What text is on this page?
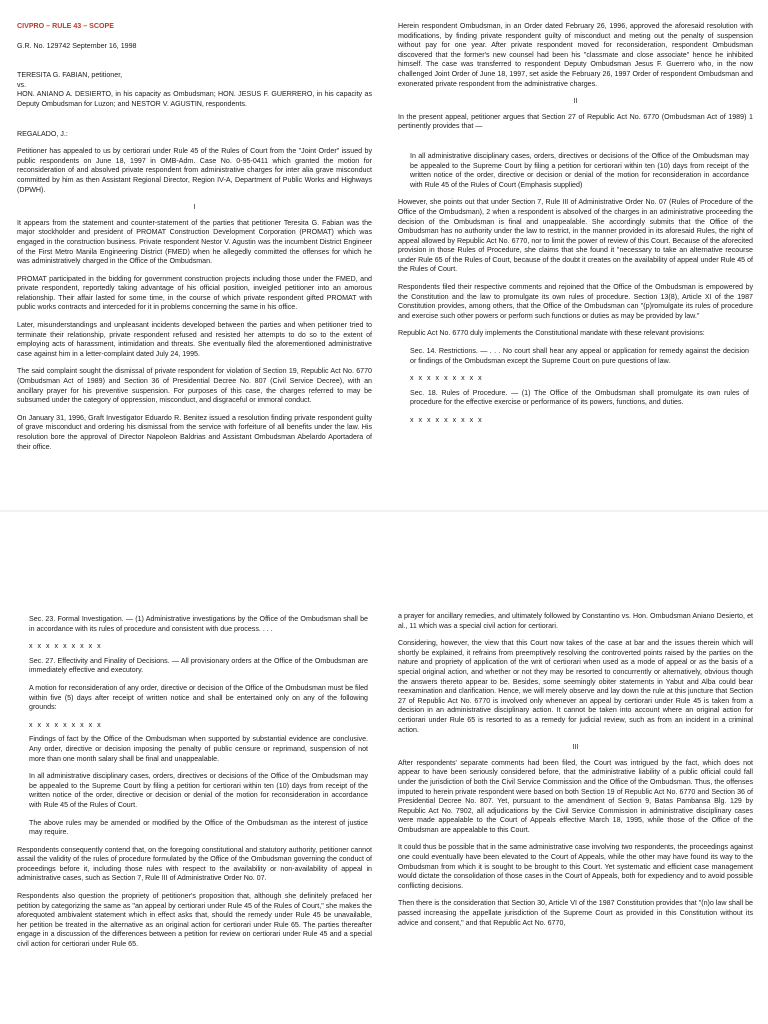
CIVPRO – RULE 43 – SCOPE

G.R. No. 129742 September 16, 1998

TERESITA G. FABIAN, petitioner,

vs.

HON. ANIANO A. DESIERTO, in his capacity as Ombudsman; HON. JESUS F. GUERRERO, in his capacity as Deputy Ombudsman for Luzon; and NESTOR V. AGUSTIN, respondents.

REGALADO, J.:

Petitioner has appealed to us by certiorari under Rule 45 of the Rules of Court from the "Joint Order" issued by public respondents on June 18, 1997 in OMB-Adm. Case No. 0-95-0411 which granted the motion for reconsideration of and absolved private respondent from administrative charges for inter alia grave misconduct committed by him as then Assistant Regional Director, Region IV-A, Department of Public Works and Highways (DPWH).

I

It appears from the statement and counter-statement of the parties that petitioner Teresita G. Fabian was the major stockholder and president of PROMAT Construction Development Corporation (PROMAT) which was engaged in the construction business. Private respondent Nestor V. Agustin was the incumbent District Engineer of the First Metro Manila Engineering District (FMED) when he allegedly committed the offenses for which he was administratively charged in the Office of the Ombudsman.

PROMAT participated in the bidding for government construction projects including those under the FMED, and private respondent, reportedly taking advantage of his official position, inveigled petitioner into an amorous relationship. Their affair lasted for some time, in the course of which private respondent gifted PROMAT with public works contracts and interceded for it in problems concerning the same in his office.

Later, misunderstandings and unpleasant incidents developed between the parties and when petitioner tried to terminate their relationship, private respondent refused and resisted her attempts to do so to the extent of employing acts of harassment, intimidation and threats. She eventually filed the aforementioned administrative case against him in a letter-complaint dated July 24, 1995.

The said complaint sought the dismissal of private respondent for violation of Section 19, Republic Act No. 6770 (Ombudsman Act of 1989) and Section 36 of Presidential Decree No. 807 (Civil Service Decree), with an ancillary prayer for his preventive suspension. For purposes of this case, the charges referred to may be subsumed under the category of oppression, misconduct, and disgraceful or immoral conduct.

On January 31, 1996, Graft Investigator Eduardo R. Benitez issued a resolution finding private respondent guilty of grave misconduct and ordering his dismissal from the service with forfeiture of all benefits under the law. His resolution bore the approval of Director Napoleon Baldrias and Assistant Ombudsman Abelardo Aportadera of their office.

Herein respondent Ombudsman, in an Order dated February 26, 1996, approved the aforesaid resolution with modifications, by finding private respondent guilty of misconduct and meting out the penalty of suspension without pay for one year. After private respondent moved for reconsideration, respondent Ombudsman discovered that the former's new counsel had been his "classmate and close associate" hence he inhibited himself. The case was transferred to respondent Deputy Ombudsman Jesus F. Guerrero who, in the now challenged Joint Order of June 18, 1997, set aside the February 26, 1997 Order of respondent Ombudsman and exonerated private respondent from the administrative charges.

II

In the present appeal, petitioner argues that Section 27 of Republic Act No. 6770 (Ombudsman Act of 1989) 1 pertinently provides that —

In all administrative disciplinary cases, orders, directives or decisions of the Office of the Ombudsman may be appealed to the Supreme Court by filing a petition for certiorari within ten (10) days from receipt of the written notice of the order, directive or decision or denial of the motion for reconsideration in accordance with Rule 45 of the Rules of Court (Emphasis supplied)

However, she points out that under Section 7, Rule III of Administrative Order No. 07 (Rules of Procedure of the Office of the Ombudsman), 2 when a respondent is absolved of the charges in an administrative proceeding the decision of the Ombudsman is final and unappealable. She accordingly submits that the Office of the Ombudsman has no authority under the law to restrict, in the manner provided in its aforesaid Rules, the right of appeal allowed by Republic Act No. 6770, nor to limit the power of review of this Court. Because of the aforecited provision in those Rules of Procedure, she claims that she found it "necessary to take an alternative recourse under Rule 65 of the Rules of Court, because of the doubt it creates on the availability of appeal under Rule 45 of the Rules of Court.

Respondents filed their respective comments and rejoined that the Office of the Ombudsman is empowered by the Constitution and the law to promulgate its own rules of procedure. Section 13(8), Article XI of the 1987 Constitution provides, among others, that the Office of the Ombudsman can "(p)romulgate its rules of procedure and exercise such other powers or perform such functions or duties as may be provided by law."

Republic Act No. 6770 duly implements the Constitutional mandate with these relevant provisions:

Sec. 14. Restrictions. — . . . No court shall hear any appeal or application for remedy against the decision or findings of the Ombudsman except the Supreme Court on pure questions of law.

x x x x x x x x x

Sec. 18. Rules of Procedure. — (1) The Office of the Ombudsman shall promulgate its own rules of procedure for the effective exercise or performance of its powers, functions, and duties.

x x x x x x x x x

Sec. 23. Formal Investigation. — (1) Administrative investigations by the Office of the Ombudsman shall be in accordance with its rules of procedure and consistent with due process. . . .

x x x x x x x x x

Sec. 27. Effectivity and Finality of Decisions. — All provisionary orders at the Office of the Ombudsman are immediately effective and executory.

A motion for reconsideration of any order, directive or decision of the Office of the Ombudsman must be filed within five (5) days after receipt of written notice and shall be entertained only on any of the following grounds:

x x x x x x x x x

Findings of fact by the Office of the Ombudsman when supported by substantial evidence are conclusive. Any order, directive or decision imposing the penalty of public censure or reprimand, suspension of not more than one month salary shall be final and unappealable.

In all administrative disciplinary cases, orders, directives or decisions of the Office of the Ombudsman may be appealed to the Supreme Court by filing a petition for certiorari within ten (10) days from receipt of the written notice of the order, directive or decision or denial of the motion for reconsideration in accordance with Rule 45 of the Rules of Court.

The above rules may be amended or modified by the Office of the Ombudsman as the interest of justice may require.

Respondents consequently contend that, on the foregoing constitutional and statutory authority, petitioner cannot assail the validity of the rules of procedure formulated by the Office of the Ombudsman governing the conduct of proceedings before it, including those rules with respect to the availability or non-availability of appeal in administrative cases, such as Section 7, Rule III of Administrative Order No. 07.

Respondents also question the propriety of petitioner's proposition that, although she definitely prefaced her petition by categorizing the same as "an appeal by certiorari under Rule 45 of the Rules of Court," she makes the aforequoted ambivalent statement which in effect asks that, should the remedy under Rule 45 be unavailable, her petition be treated in the alternative as an original action for certiorari under Rule 65. The parties thereafter engage in a discussion of the differences between a petition for review on certiorari under Rule 45 and a special civil action for certiorari under Rule 65.

a prayer for ancillary remedies, and ultimately followed by Constantino vs. Hon. Ombudsman Aniano Desierto, et al., 11 which was a special civil action for certiorari.

Considering, however, the view that this Court now takes of the case at bar and the issues therein which will shortly be explained, it refrains from preemptively resolving the controverted points raised by the parties on the nature and propriety of application of the writ of certiorari when used as a mode of appeal or as the basis of a special original action, and whether or not they may be resorted to concurrently or alternatively, obvious though the answers thereto appear to be. Besides, some seemingly obiter statements in Yabut and Alba could bear reexamination and clarification. Hence, we will merely observe and lay down the rule at this juncture that Section 27 of Republic Act No. 6770 is involved only whenever an appeal by certiorari under Rule 45 is taken from a decision in an administrative disciplinary action. It cannot be taken into account where an original action for certiorari under Rule 65 is resorted to as a remedy for judicial review, such as from an incident in a criminal action.

III

After respondents' separate comments had been filed, the Court was intrigued by the fact, which does not appear to have been seriously considered before, that the administrative liability of a public official could fall under the jurisdiction of both the Civil Service Commission and the Office of the Ombudsman. Thus, the offenses imputed to herein private respondent were based on both Section 19 of Republic Act No. 6770 and Section 36 of Presidential Decree No. 807. Yet, pursuant to the amendment of Section 9, Batas Pambansa Blg. 129 by Republic Act No. 7902, all adjudications by the Civil Service Commission in administrative disciplinary cases were made appealable to the Court of Appeals effective March 18, 1995, while those of the Office of the Ombudsman are appealable to this Court.

It could thus be possible that in the same administrative case involving two respondents, the proceedings against one could eventually have been elevated to the Court of Appeals, while the other may have found its way to the Ombudsman from which it is sought to be brought to this Court. Yet systematic and efficient case management would dictate the consolidation of those cases in the Court of Appeals, both for expediency and to avoid possible conflicting decisions.

Then there is the consideration that Section 30, Article VI of the 1987 Constitution provides that "(n)o law shall be passed increasing the appellate jurisdiction of the Supreme Court as provided in this Constitution without its advice and consent," and that Republic Act No. 6770,
